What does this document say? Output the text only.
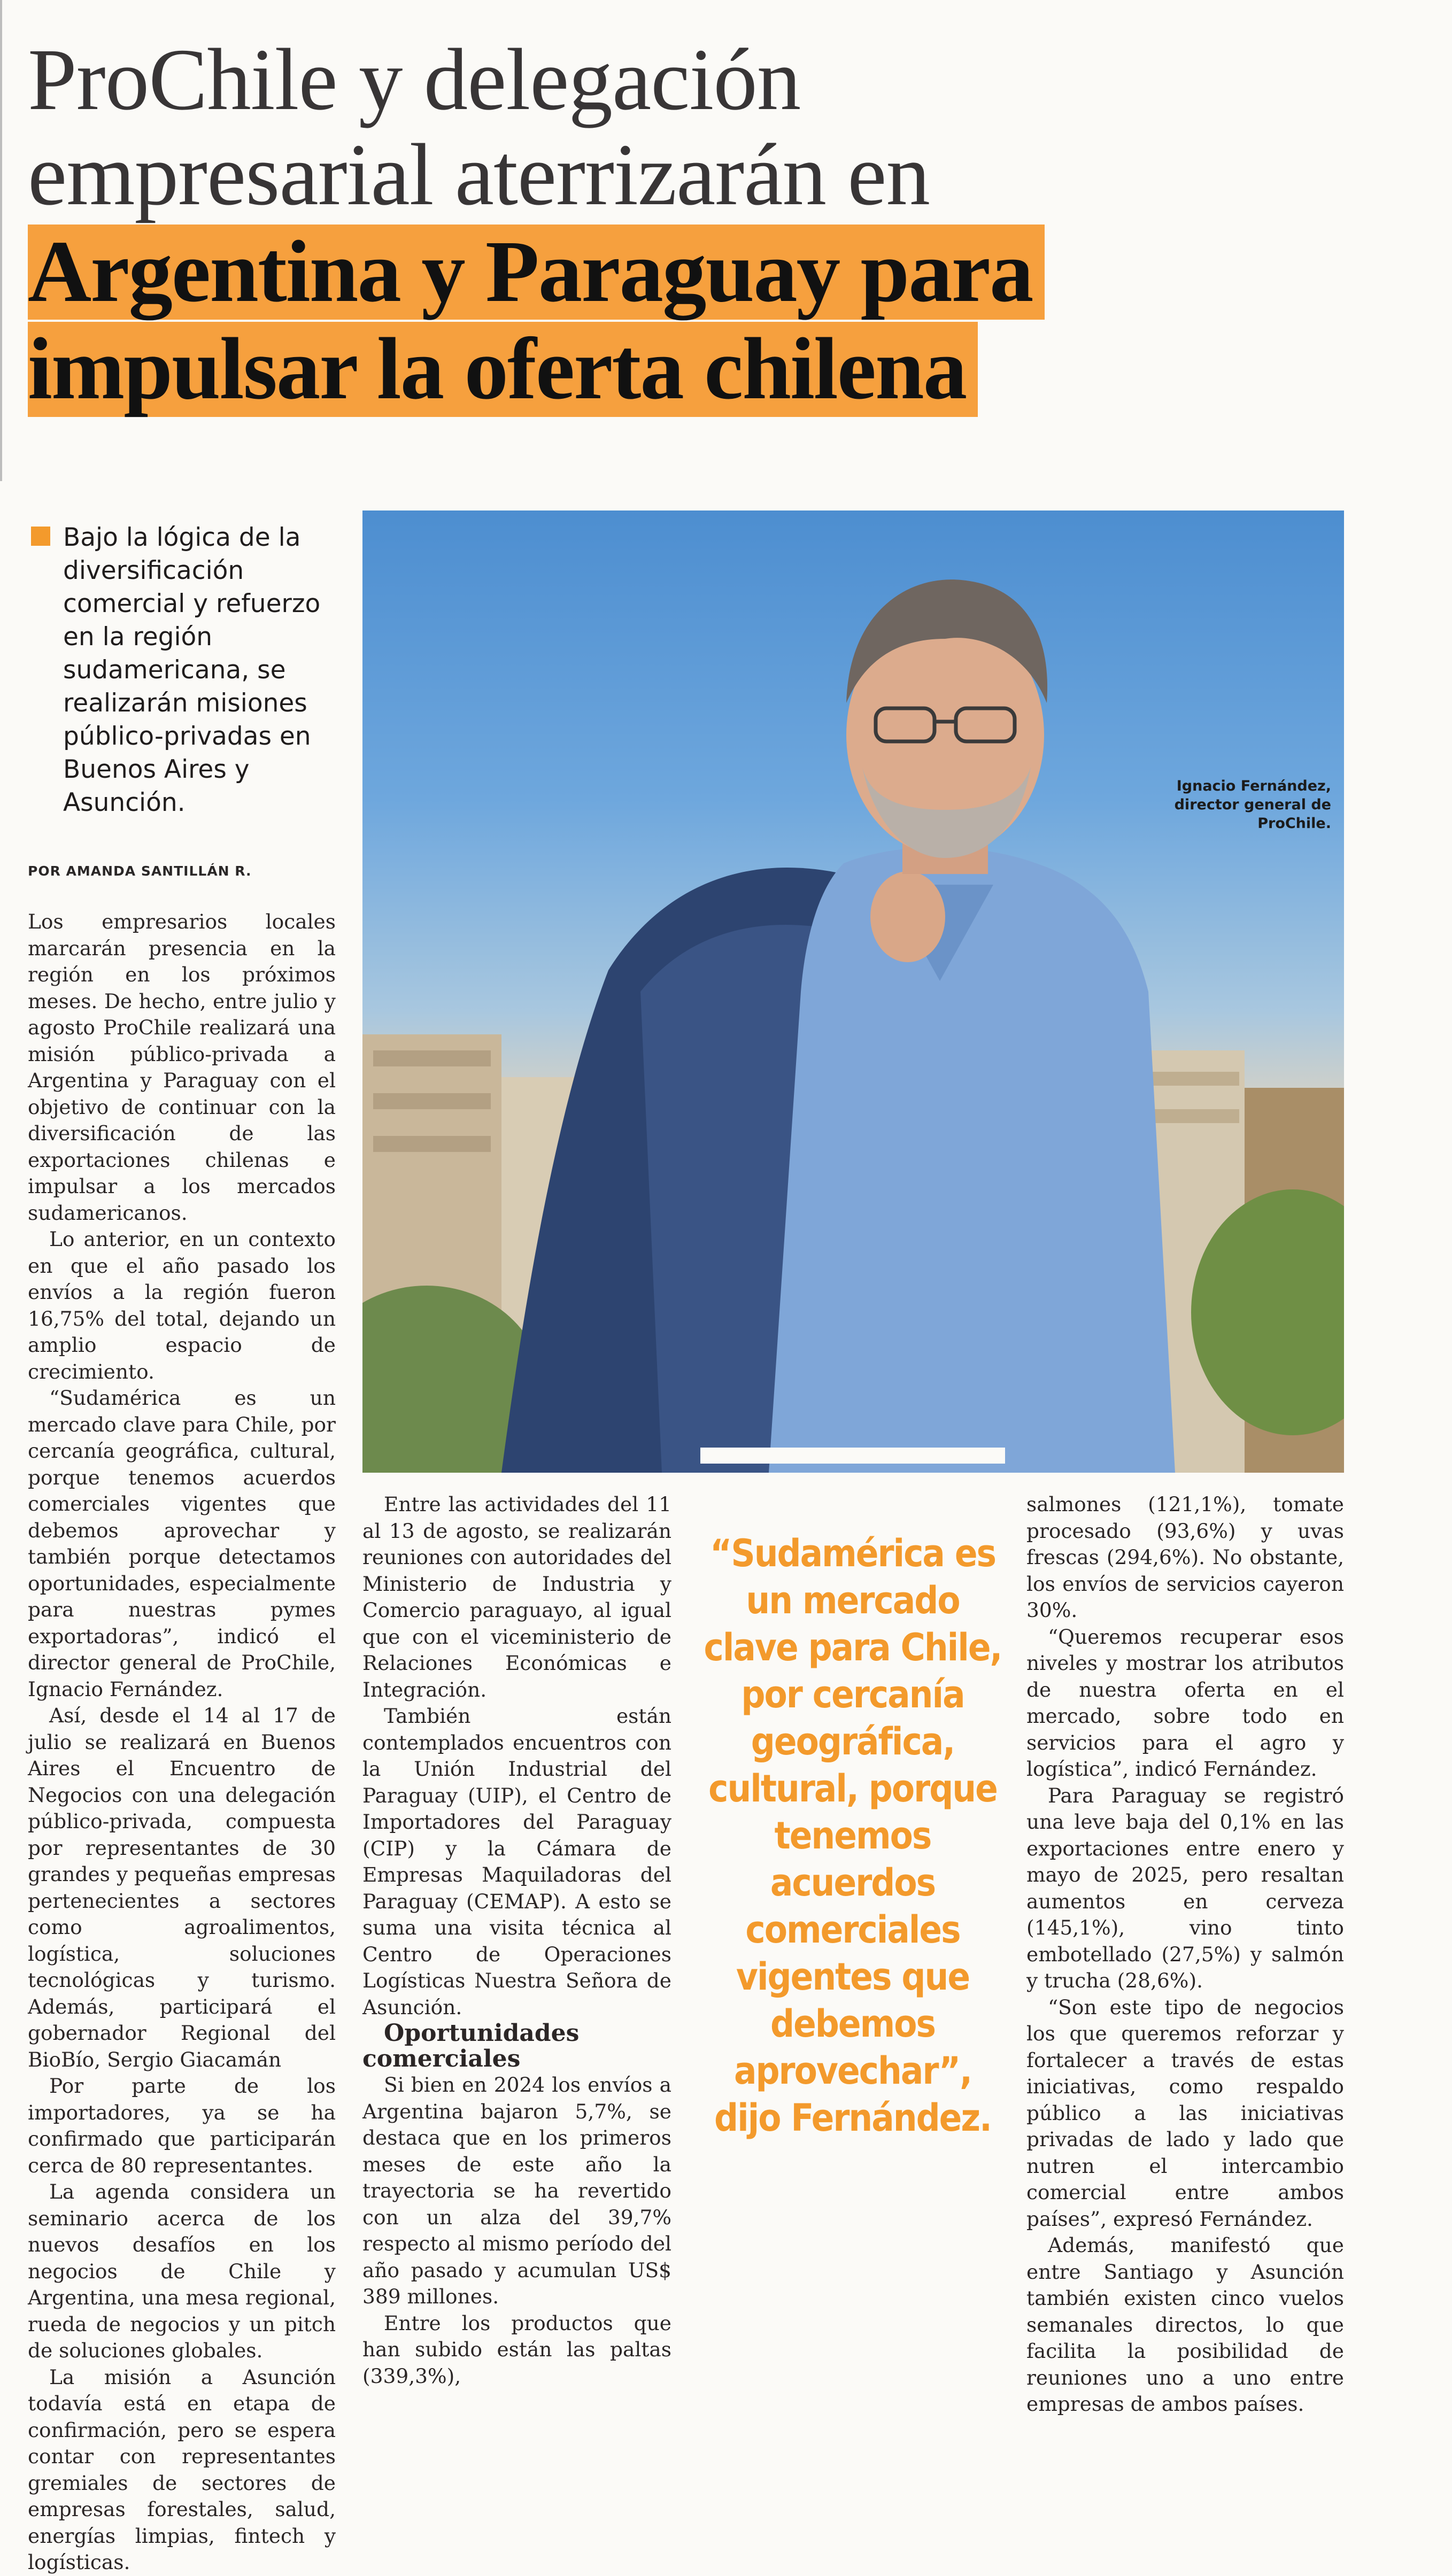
ProChile y delegación
empresarial aterrizarán en
Argentina y Paraguay para
impulsar la oferta chilena
Bajo la lógica de la diversificación comercial y refuerzo en la región sudamericana, se realizarán misiones público-privadas en Buenos Aires y Asunción.
POR AMANDA SANTILLÁN R.
Ignacio Fernández,
director general de
ProChile.

Los empresarios locales marcarán presencia en la región en los próximos meses. De hecho, entre julio y agosto ProChile realizará una misión público-privada a Argentina y Paraguay con el objetivo de continuar con la diversificación de las exportaciones chilenas e impulsar a los mercados sudamericanos.

Lo anterior, en un contexto en que el año pasado los envíos a la región fueron 16,75% del total, dejando un amplio espacio de crecimiento.

“Sudamérica es un mercado clave para Chile, por cercanía geográfica, cultural, porque tenemos acuerdos comerciales vigentes que debemos aprovechar y también porque detectamos oportunidades, especialmente para nuestras pymes exportadoras”, indicó el director general de ProChile, Ignacio Fernández.

Así, desde el 14 al 17 de julio se realizará en Buenos Aires el Encuentro de Negocios con una delegación público-privada, compuesta por representantes de 30 grandes y pequeñas empresas pertenecientes a sectores como agroalimentos, logística, soluciones tecnológicas y turismo. Además, participará el gobernador Regional del BioBío, Sergio Giacamán

Por parte de los importadores, ya se ha confirmado que participarán cerca de 80 representantes.

La agenda considera un seminario acerca de los nuevos desafíos en los negocios de Chile y Argentina, una mesa regional, rueda de negocios y un pitch de soluciones globales.

La misión a Asunción todavía está en etapa de confirmación, pero se espera contar con representantes gremiales de sectores de empresas forestales, salud, energías limpias, fintech y logísticas.

Entre las actividades del 11 al 13 de agosto, se realizarán reuniones con autoridades del Ministerio de Industria y Comercio paraguayo, al igual que con el viceministerio de Relaciones Económicas e Integración.

También están contemplados encuentros con la Unión Industrial del Paraguay (UIP), el Centro de Importadores del Paraguay (CIP) y la Cámara de Empresas Maquiladoras del Paraguay (CEMAP). A esto se suma una visita técnica al Centro de Operaciones Logísticas Nuestra Señora de Asunción.

Oportunidades comerciales

Si bien en 2024 los envíos a Argentina bajaron 5,7%, se destaca que en los primeros meses de este año la trayectoria se ha revertido con un alza del 39,7% respecto al mismo período del año pasado y acumulan US$ 389 millones.

Entre los productos que han subido están las paltas (339,3%),

“Sudamérica es un mercado clave para Chile, por cercanía geográfica, cultural, porque tenemos acuerdos comerciales vigentes que debemos aprovechar”, dijo Fernández.

salmones (121,1%), tomate procesado (93,6%) y uvas frescas (294,6%). No obstante, los envíos de servicios cayeron 30%.

“Queremos recuperar esos niveles y mostrar los atributos de nuestra oferta en el mercado, sobre todo en servicios para el agro y logística”, indicó Fernández.

Para Paraguay se registró una leve baja del 0,1% en las exportaciones entre enero y mayo de 2025, pero resaltan aumentos en cerveza (145,1%), vino tinto embotellado (27,5%) y salmón y trucha (28,6%).

“Son este tipo de negocios los que queremos reforzar y fortalecer a través de estas iniciativas, como respaldo público a las iniciativas privadas de lado y lado que nutren el intercambio comercial entre ambos países”, expresó Fernández.

Además, manifestó que entre Santiago y Asunción también existen cinco vuelos semanales directos, lo que facilita la posibilidad de reuniones uno a uno entre empresas de ambos países.
